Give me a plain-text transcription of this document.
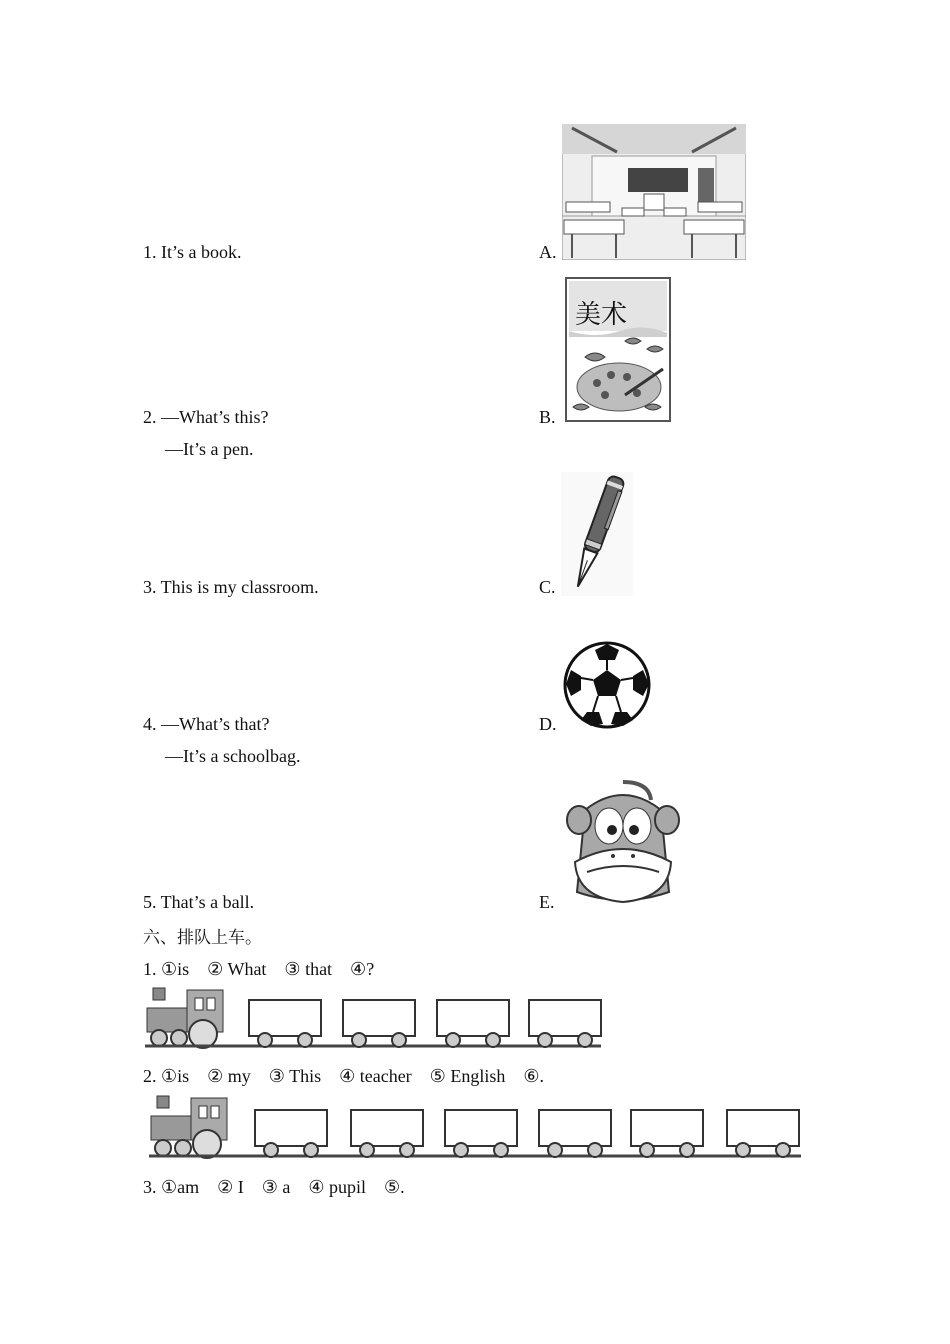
1. It’s a book.
2. —What’s this?
—It’s a pen.
3. This is my classroom.
4. —What’s that?
—It’s a schoolbag.
5. That’s a ball.
A.
B.
C.
D.
E.
美术
六、排队上车。
1. ①is　② What　③ that　④?
2. ①is　② my　③ This　④ teacher　⑤ English　⑥.
3. ①am　② I　③ a　④ pupil　⑤.
